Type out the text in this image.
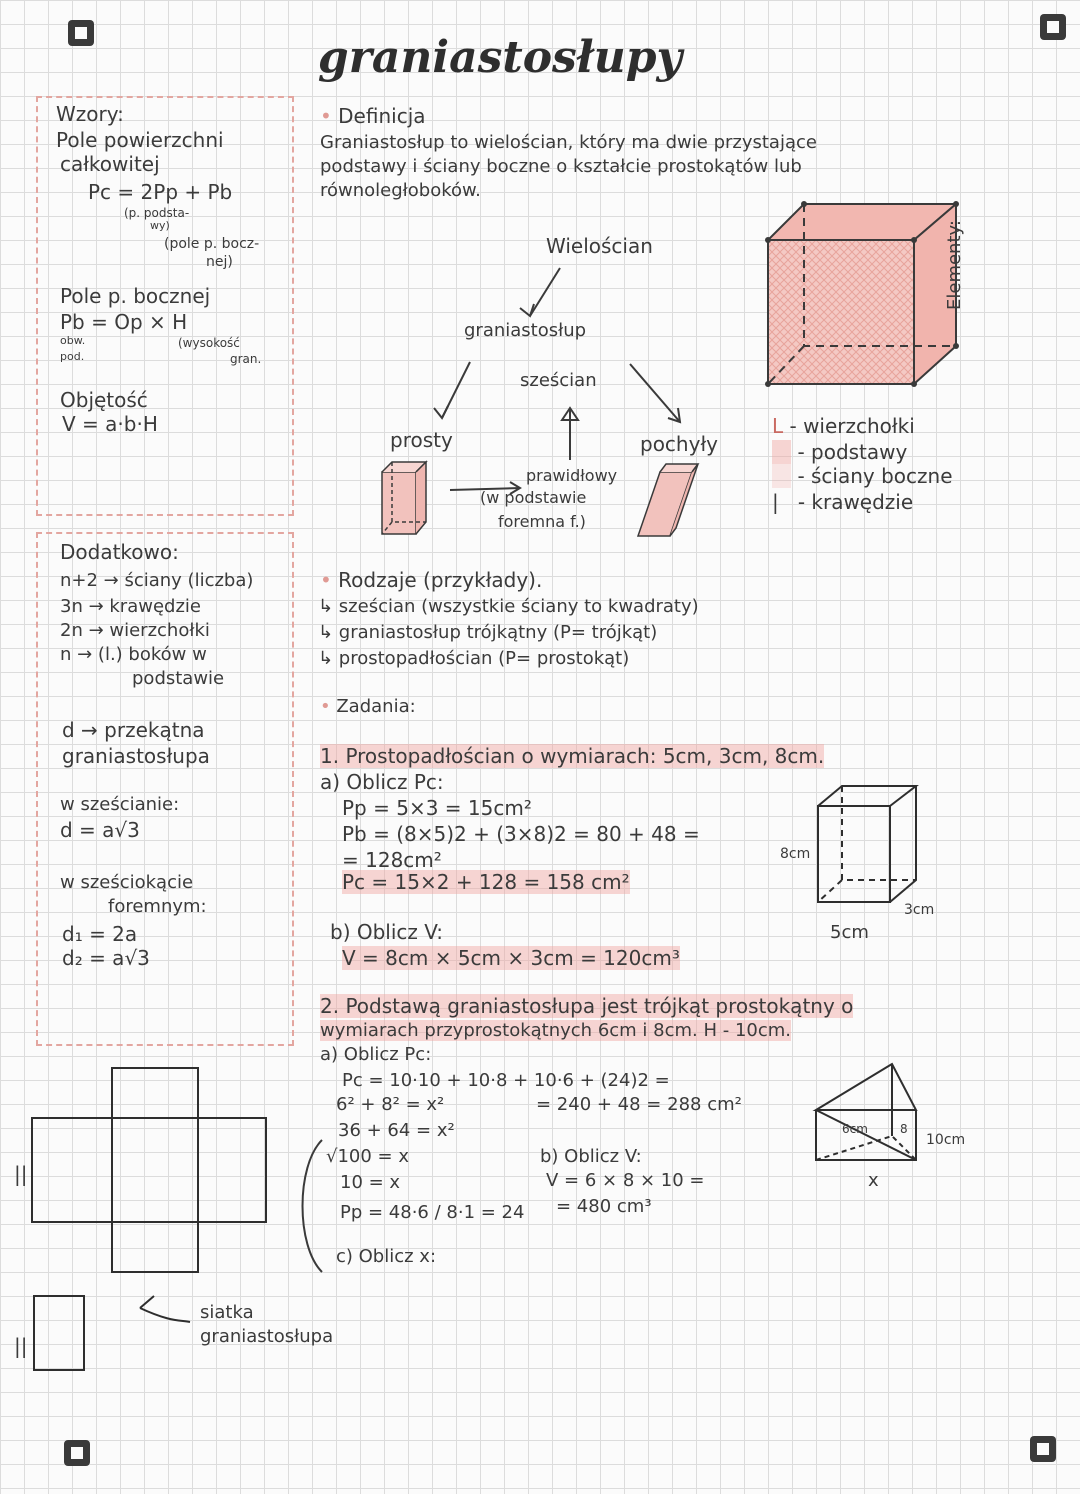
graniastosłupy
Wzory:
Pole powierzchni
całkowitej
Pc = 2Pp + Pb
(p. podsta-
wy)
(pole p. bocz-
nej)
Pole p. bocznej
Pb = Op × H
obw.
pod.
(wysokość
gran.
Objętość
V = a·b·H
Dodatkowo:
n+2 → ściany (liczba)
3n → krawędzie
2n → wierzchołki
n → (l.) boków w
podstawie
d → przekątna
graniastosłupa
w sześcianie:
d = a√3
w sześciokącie
foremnym:
d₁ = 2a
d₂ = a√3
siatka
graniastosłupa
• Definicja
Graniastosłup to wielościan, który ma dwie przystające
podstawy i ściany boczne o kształcie prostokątów lub
równoległoboków.
Wielościan
graniastosłup
sześcian
prosty	pochyły
prawidłowy
(w podstawie
foremna f.)
Elementy:
L - wierzchołki
- podstawy
- ściany boczne
|   - krawędzie
• Rodzaje (przykłady).
↳ sześcian (wszystkie ściany to kwadraty)
↳ graniastosłup trójkątny (P= trójkąt)
↳ prostopadłościan (P= prostokąt)
• Zadania:
1. Prostopadłościan o wymiarach: 5cm, 3cm, 8cm.
a) Oblicz Pc:
Pp = 5×3 = 15cm²
Pb = (8×5)2 + (3×8)2 = 80 + 48 =
= 128cm²
Pc = 15×2 + 128 = 158 cm²
b) Oblicz V:
V = 8cm × 5cm × 3cm = 120cm³
8cm
5cm
3cm
2. Podstawą graniastosłupa jest trójkąt prostokątny o
wymiarach przyprostokątnych 6cm i 8cm. H - 10cm.
a) Oblicz Pc:
Pc = 10·10 + 10·8 + 10·6 + (24)2 =
6² + 8² = x²	= 240 + 48 = 288 cm²
36 + 64 = x²
√100 = x
10 = x
Pp = 48·6 / 8·1 = 24
c) Oblicz x:
b) Oblicz V:
V = 6 × 8 × 10 =
= 480 cm³
6cm	8
10cm
x
||
||
